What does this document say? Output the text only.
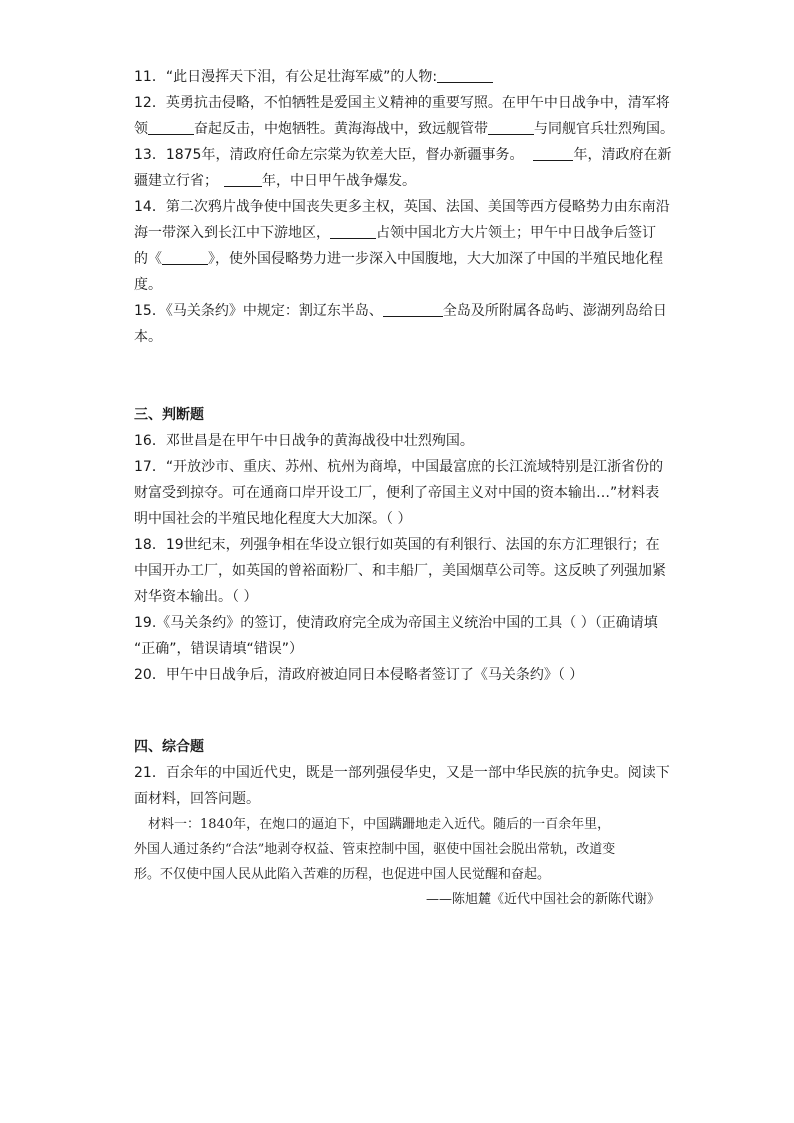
11．“此日漫挥天下泪，有公足壮海军威”的人物:
12．英勇抗击侵略，不怕牺牲是爱国主义精神的重要写照。在甲午中日战争中，清军将
领	奋起反击，中炮牺牲。黄海海战中，致远舰管带	与同舰官兵壮烈殉国。
13．1875年，清政府任命左宗棠为钦差大臣，督办新疆事务。	年，清政府在新
疆建立行省；	年，中日甲午战争爆发。
14．第二次鸦片战争使中国丧失更多主权，英国、法国、美国等西方侵略势力由东南沿
海一带深入到长江中下游地区，	占领中国北方大片领土；甲午中日战争后签订
的《	》，使外国侵略势力进一步深入中国腹地，大大加深了中国的半殖民地化程
度。
15．《马关条约》中规定：割辽东半岛、	全岛及所附属各岛屿、澎湖列岛给日
本。
三、判断题
16．邓世昌是在甲午中日战争的黄海战役中壮烈殉国。
17．“开放沙市、重庆、苏州、杭州为商埠，中国最富庶的长江流域特别是江浙省份的
财富受到掠夺。可在通商口岸开设工厂，便利了帝国主义对中国的资本输出…”材料表
明中国社会的半殖民地化程度大大加深。（ ）
18．19世纪末，列强争相在华设立银行如英国的有利银行、法国的东方汇理银行；在
中国开办工厂，如英国的曾裕面粉厂、和丰船厂，美国烟草公司等。这反映了列强加紧
对华资本输出。（ ）
19.《马关条约》的签订，使清政府完全成为帝国主义统治中国的工具（ ）（正确请填
“正确”，错误请填“错误”）
20．甲午中日战争后，清政府被迫同日本侵略者签订了《马关条约》（ ）
四、综合题
21．百余年的中国近代史，既是一部列强侵华史，又是一部中华民族的抗争史。阅读下
面材料，回答问题。
材料一：1840年，在炮口的逼迫下，中国蹒跚地走入近代。随后的一百余年里，
外国人通过条约“合法”地剥夺权益、管束控制中国，驱使中国社会脱出常轨，改道变
形。不仅使中国人民从此陷入苦难的历程，也促进中国人民觉醒和奋起。
——陈旭麓《近代中国社会的新陈代谢》
